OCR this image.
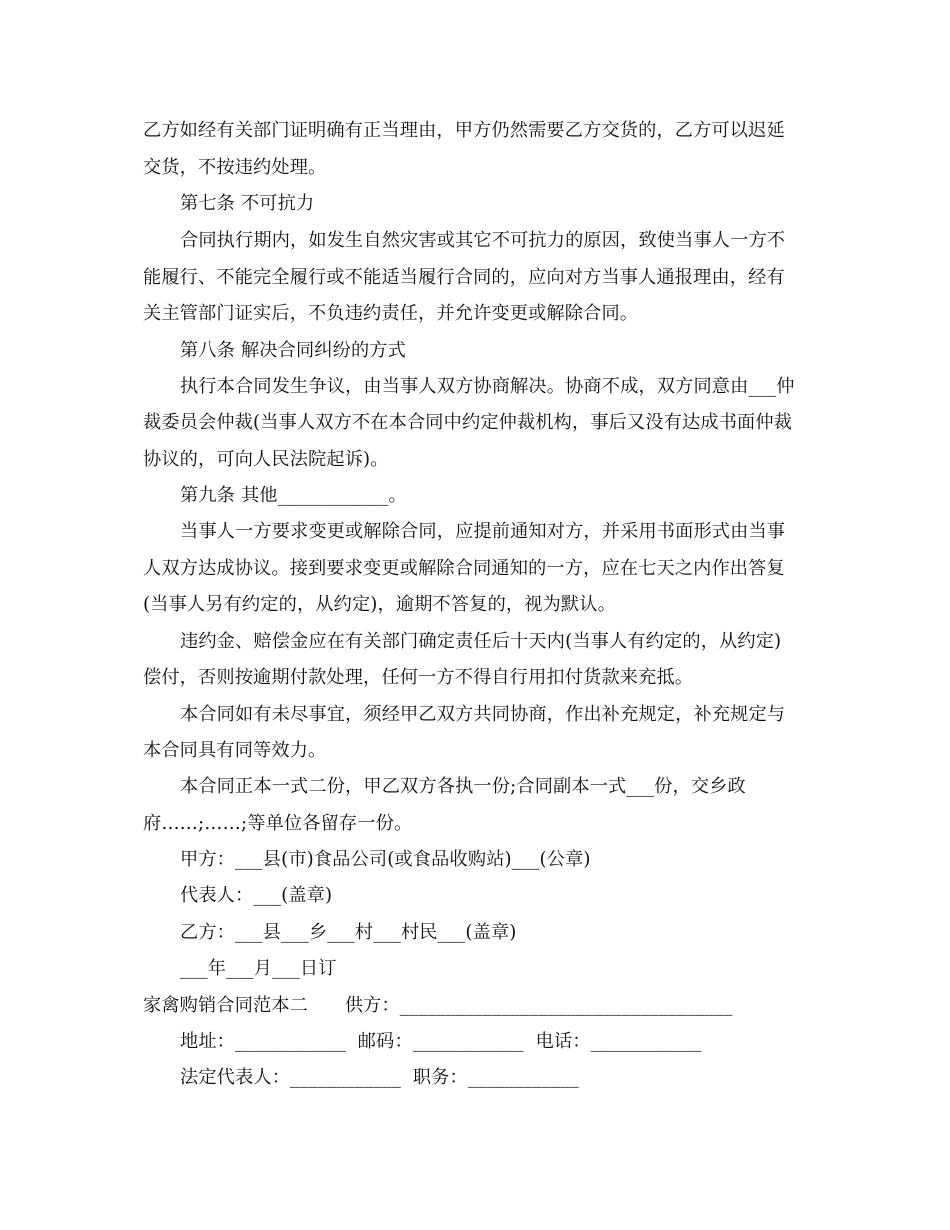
乙方如经有关部门证明确有正当理由，甲方仍然需要乙方交货的，乙方可以迟延
交货，不按违约处理。
第七条 不可抗力
合同执行期内，如发生自然灾害或其它不可抗力的原因，致使当事人一方不
能履行、不能完全履行或不能适当履行合同的，应向对方当事人通报理由，经有
关主管部门证实后，不负违约责任，并允许变更或解除合同。
第八条 解决合同纠纷的方式
执行本合同发生争议，由当事人双方协商解决。协商不成，双方同意由___仲
裁委员会仲裁(当事人双方不在本合同中约定仲裁机构，事后又没有达成书面仲裁
协议的，可向人民法院起诉)。
第九条 其他____________。
当事人一方要求变更或解除合同，应提前通知对方，并采用书面形式由当事
人双方达成协议。接到要求变更或解除合同通知的一方，应在七天之内作出答复
(当事人另有约定的，从约定)，逾期不答复的，视为默认。
违约金、赔偿金应在有关部门确定责任后十天内(当事人有约定的，从约定)
偿付，否则按逾期付款处理，任何一方不得自行用扣付货款来充抵。
本合同如有未尽事宜，须经甲乙双方共同协商，作出补充规定，补充规定与
本合同具有同等效力。
本合同正本一式二份，甲乙双方各执一份;合同副本一式___份，交乡政
府……;……;等单位各留存一份。
甲方：___县(市)食品公司(或食品收购站)___(公章)
代表人：___(盖章)
乙方：___县___乡___村___村民___(盖章)
___年___月___日订
家禽购销合同范本二　　供方：____________________________________
地址：____________  邮码：____________  电话：____________
法定代表人：____________  职务：____________
